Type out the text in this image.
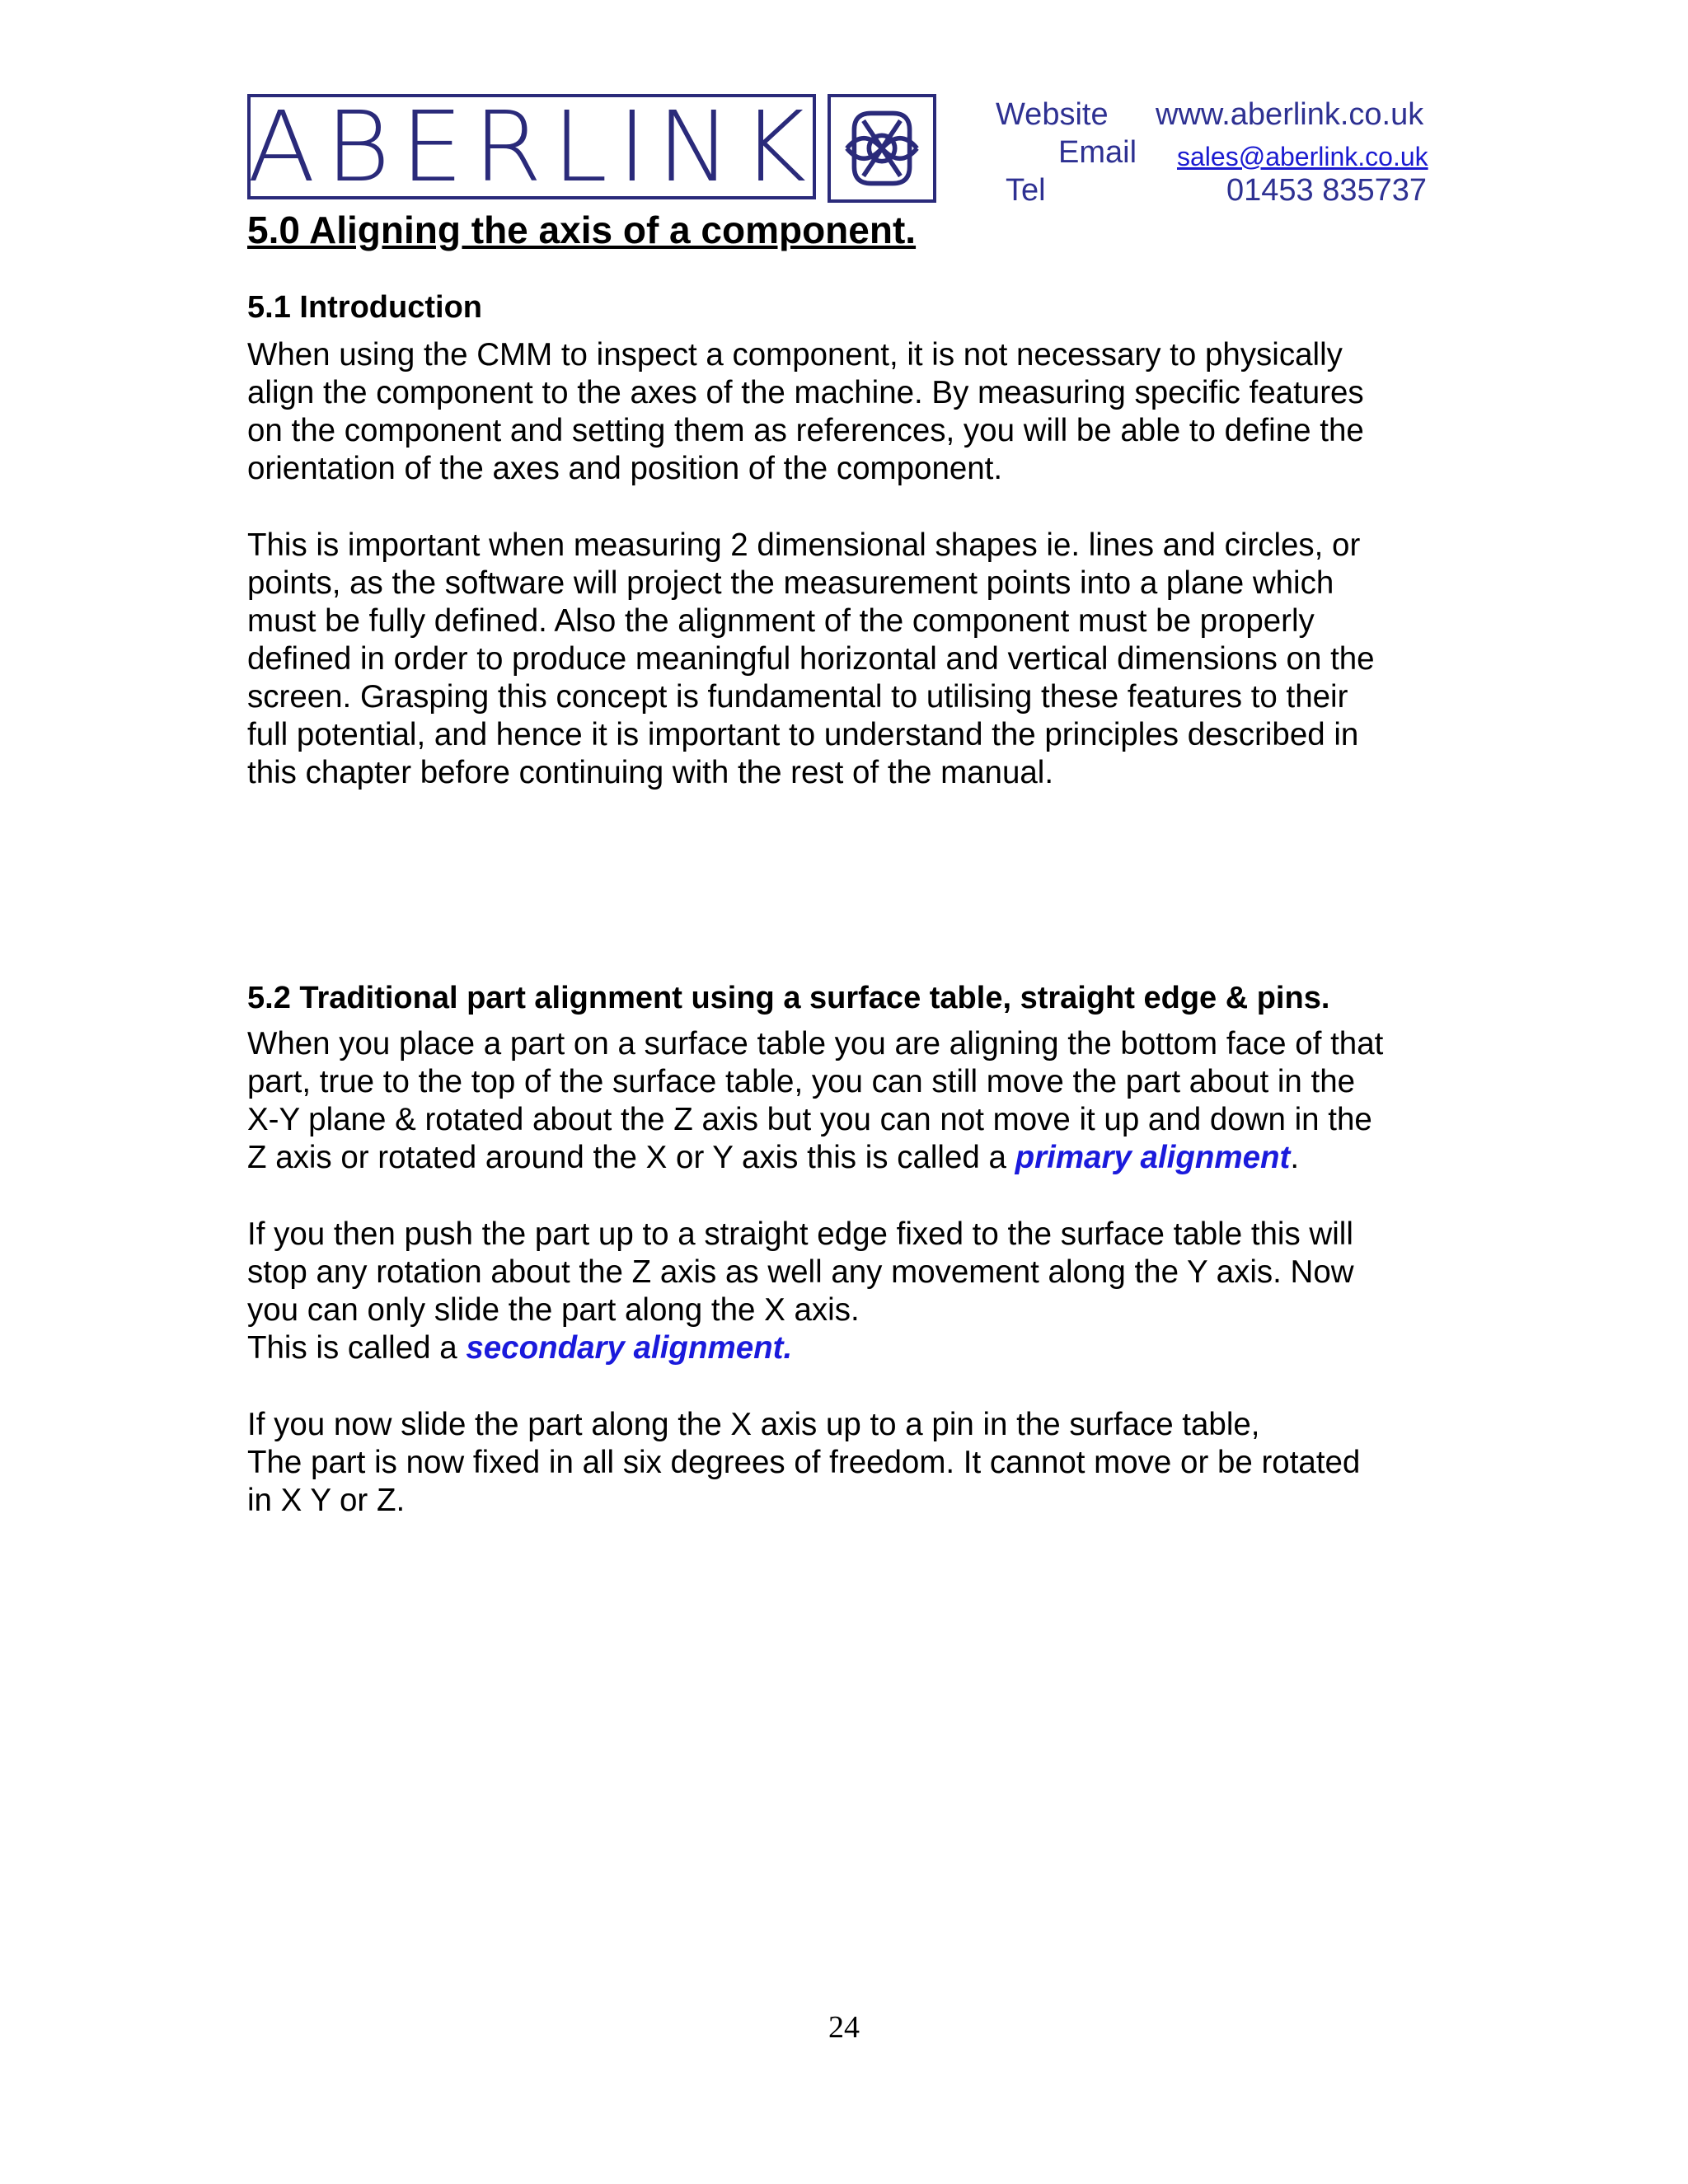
ABERLINK	Website www.aberlink.co.uk
Email sales@aberlink.co.uk
Tel	01453 835737
5.0 Aligning the axis of a component.
5.1 Introduction

When using the CMM to inspect a component, it is not necessary to physically
align the component to the axes of the machine. By measuring specific features
on the component and setting them as references, you will be able to define the
orientation of the axes and position of the component.

This is important when measuring 2 dimensional shapes ie. lines and circles, or
points, as the software will project the measurement points into a plane which
must be fully defined. Also the alignment of the component must be properly
defined in order to produce meaningful horizontal and vertical dimensions on the
screen. Grasping this concept is fundamental to utilising these features to their
full potential, and hence it is important to understand the principles described in
this chapter before continuing with the rest of the manual.

5.2 Traditional part alignment using a surface table, straight edge & pins.

When you place a part on a surface table you are aligning the bottom face of that
part, true to the top of the surface table, you can still move the part about in the
X-Y plane & rotated about the Z axis but you can not move it up and down in the
Z axis or rotated around the X or Y axis this is called a primary alignment.

If you then push the part up to a straight edge fixed to the surface table this will
stop any rotation about the Z axis as well any movement along the Y axis. Now
you can only slide the part along the X axis.
This is called a secondary alignment.

If you now slide the part along the X axis up to a pin in the surface table,
The part is now fixed in all six degrees of freedom. It cannot move or be rotated
in X Y or Z.

24
